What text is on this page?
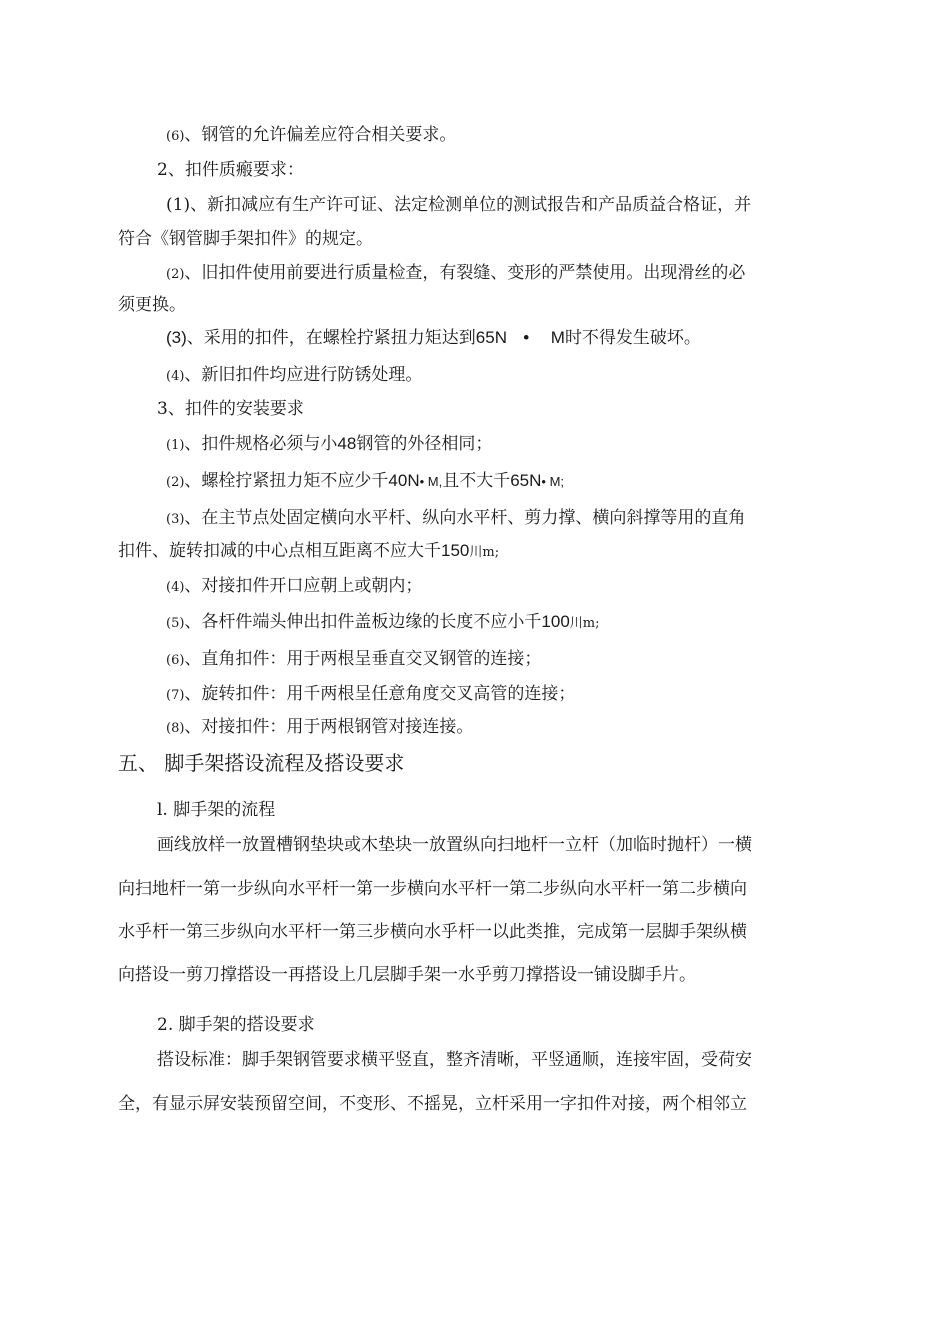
(6)、钢管的允许偏差应符合相关要求。
2、扣件质瘢要求：
(1)、新扣减应有生产许可证、法定检测单位的测试报告和产品质益合格证，并
符合《钢管脚手架扣件》的规定。
(2)、旧扣件使用前要进行质量检查，有裂缝、变形的严禁使用。出现滑丝的必
须更换。
(3)、采用的扣件，在螺栓拧紧扭力矩达到65N • M时不得发生破坏。
(4)、新旧扣件均应进行防锈处理。
3、扣件的安装要求
(1)、扣件规格必须与小48钢管的外径相同；
(2)、螺栓拧紧扭力矩不应少千40N• M,且不大千65N• M;
(3)、在主节点处固定横向水平杆、纵向水平杆、剪力撑、横向斜撑等用的直角
扣件、旋转扣减的中心点相互距离不应大千150川m;
(4)、对接扣件开口应朝上或朝内；
(5)、各杆件端头伸出扣件盖板边缘的长度不应小千100川m;
(6)、直角扣件：用于两根呈垂直交叉钢管的连接；
(7)、旋转扣件：用千两根呈任意角度交叉高管的连接；
(8)、对接扣件：用于两根钢管对接连接。
五、 脚手架搭设流程及搭设要求
l. 脚手架的流程
画线放样一放置槽钢垫块或木垫块一放置纵向扫地杆一立杆（加临时抛杆）一横
向扫地杆一第一步纵向水平杆一第一步横向水平杆一第二步纵向水平杆一第二步横向
水乎杆一第三步纵向水平杆一第三步横向水乎杆一以此类推，完成第一层脚手架纵横
向搭设一剪刀撑搭设一再搭设上几层脚手架一水乎剪刀撑搭设一铺设脚手片。
2. 脚手架的搭设要求
搭设标准：脚手架钢管要求横平竖直，整齐清晰，平竖通顺，连接牢固，受荷安
全，有显示屏安装预留空间，不变形、不摇晃，立杆采用一字扣件对接，两个相邻立
